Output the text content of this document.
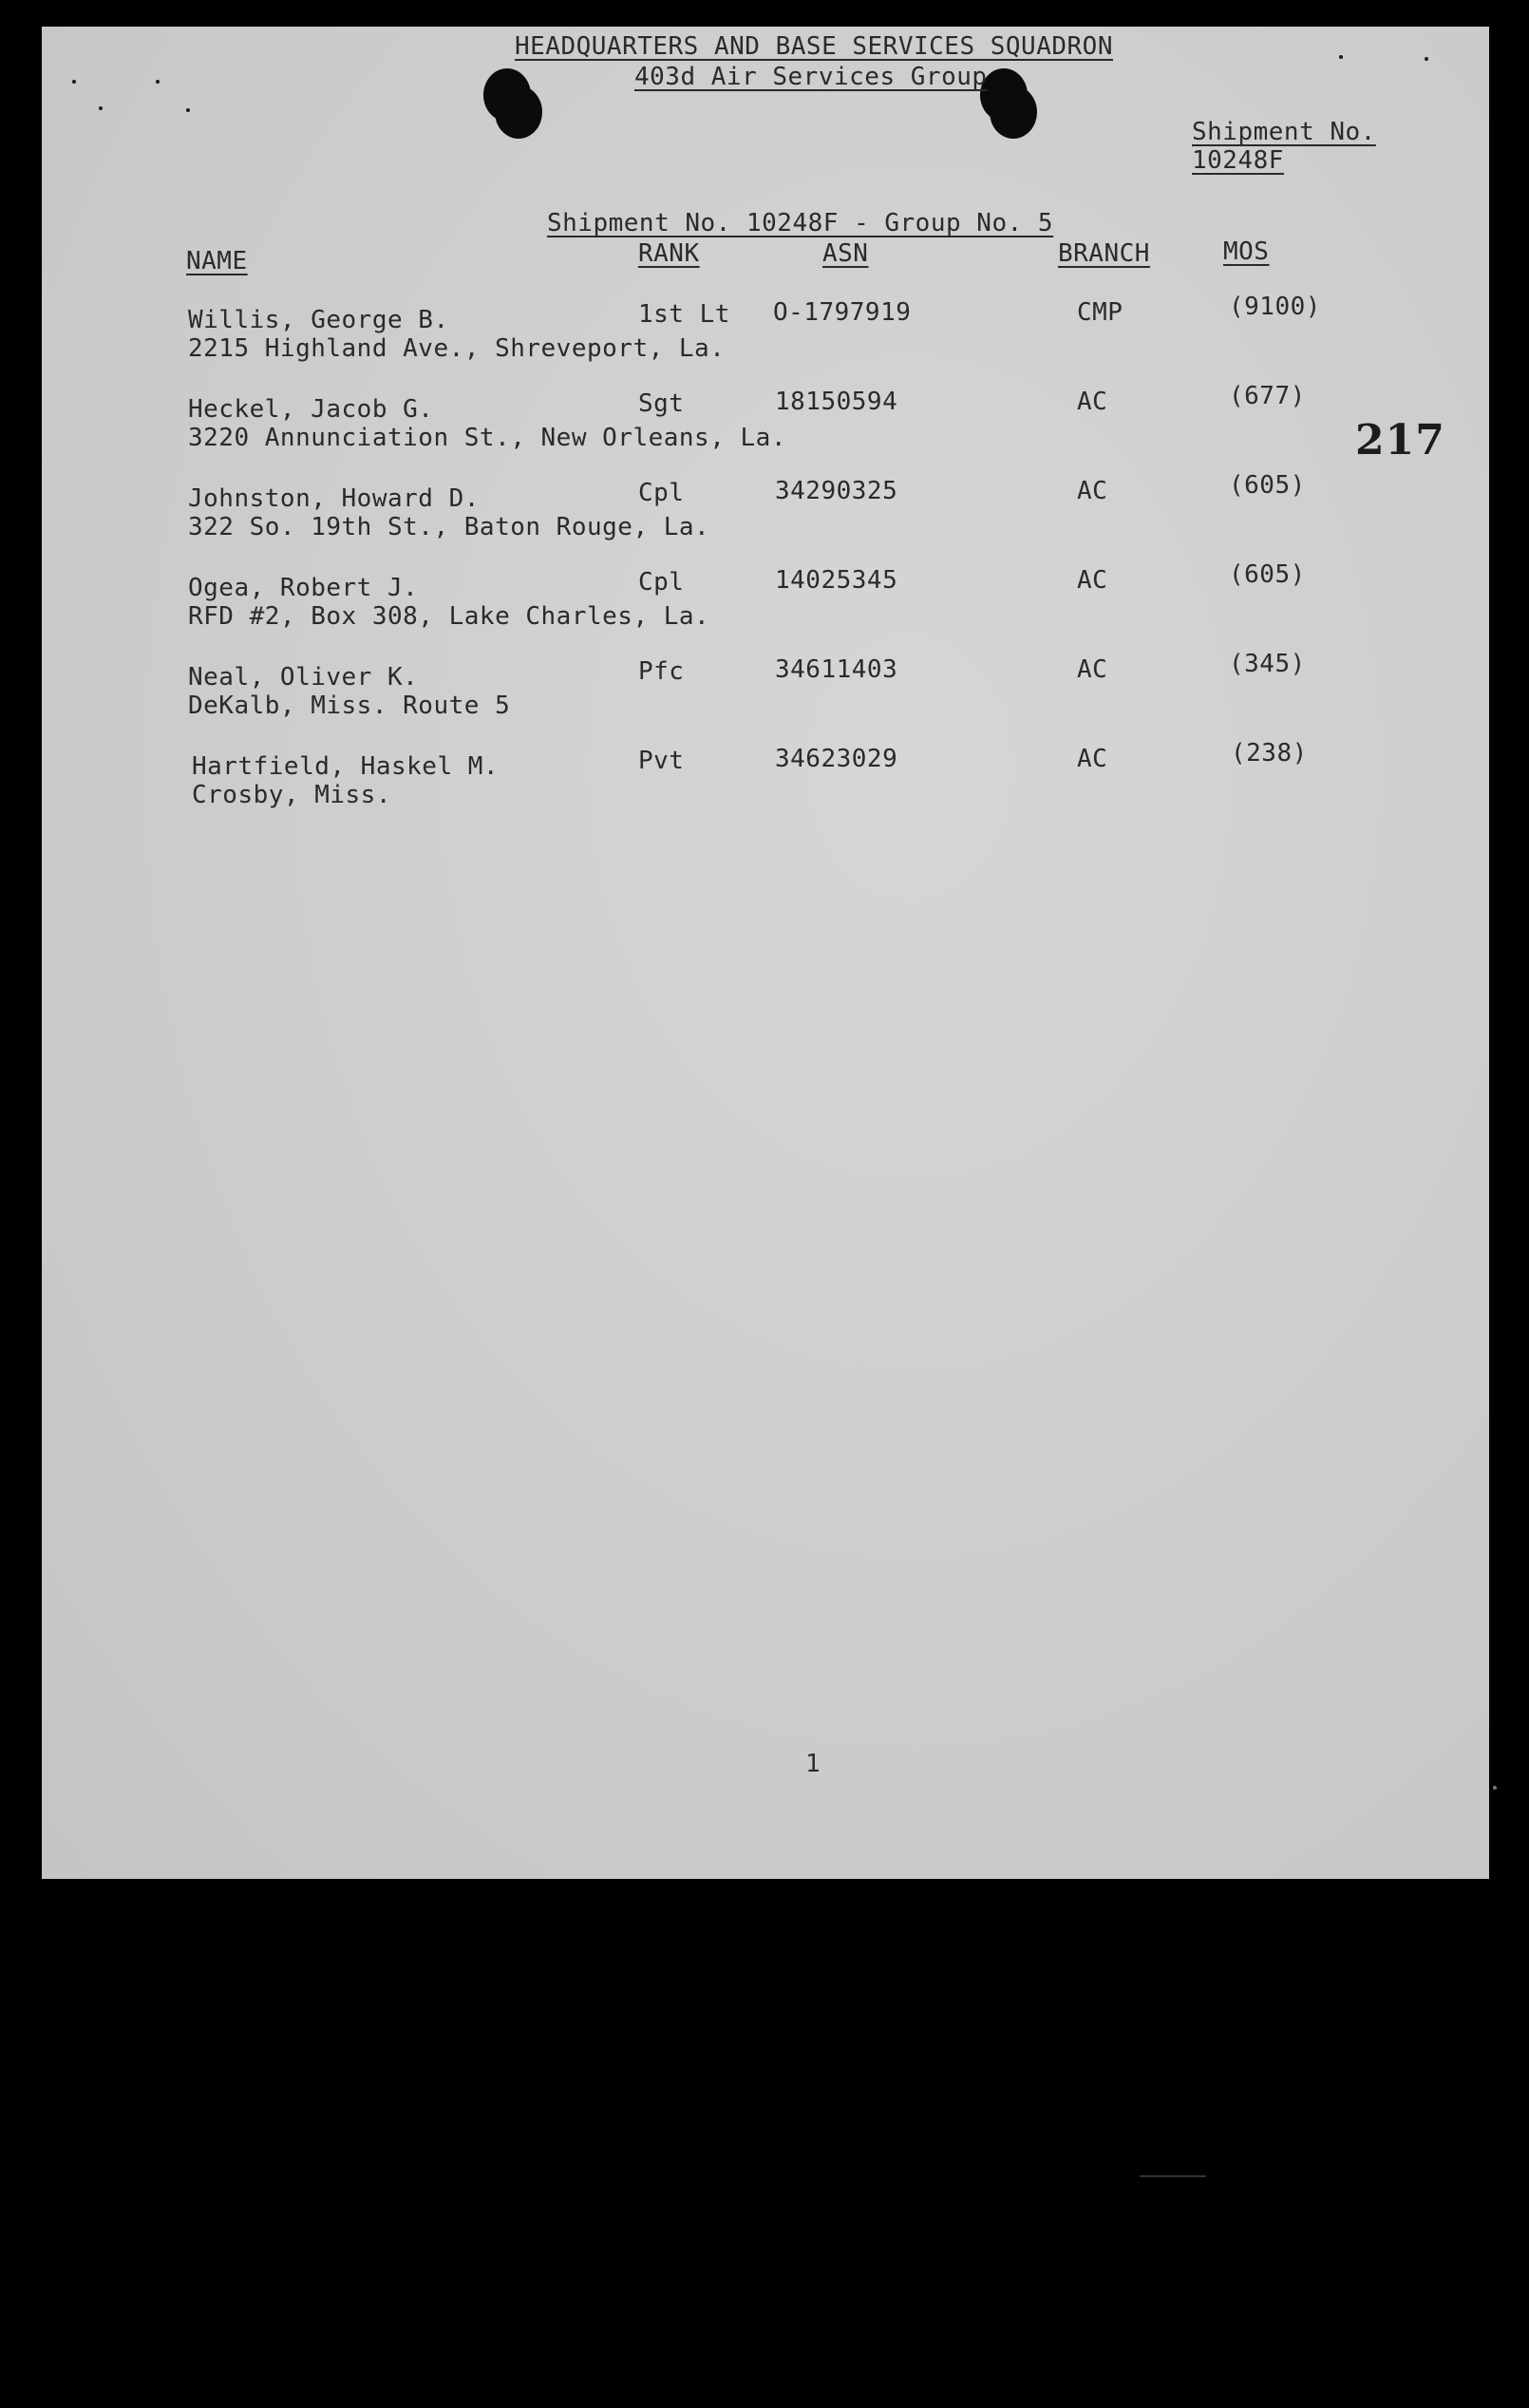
HEADQUARTERS AND BASE SERVICES SQUADRON
403d Air Services Group
Shipment No.
10248F
217
Shipment No. 10248F - Group No. 5
NAME	RANK	ASN	BRANCH	MOS
Willis, George B.
2215 Highland Ave., Shreveport, La.
1st Lt O-1797919	CMP	(9100)
Heckel, Jacob G.
3220 Annunciation St., New Orleans, La.
Sgt	18150594	AC	(677)
Johnston, Howard D.
322 So. 19th St., Baton Rouge, La.
Cpl	34290325	AC	(605)
Ogea, Robert J.
RFD #2, Box 308, Lake Charles, La.
Cpl	14025345	AC	(605)
Neal, Oliver K.
DeKalb, Miss. Route 5
Pfc	34611403	AC	(345)
Hartfield, Haskel M.
Crosby, Miss.
Pvt	34623029	AC	(238)
1
